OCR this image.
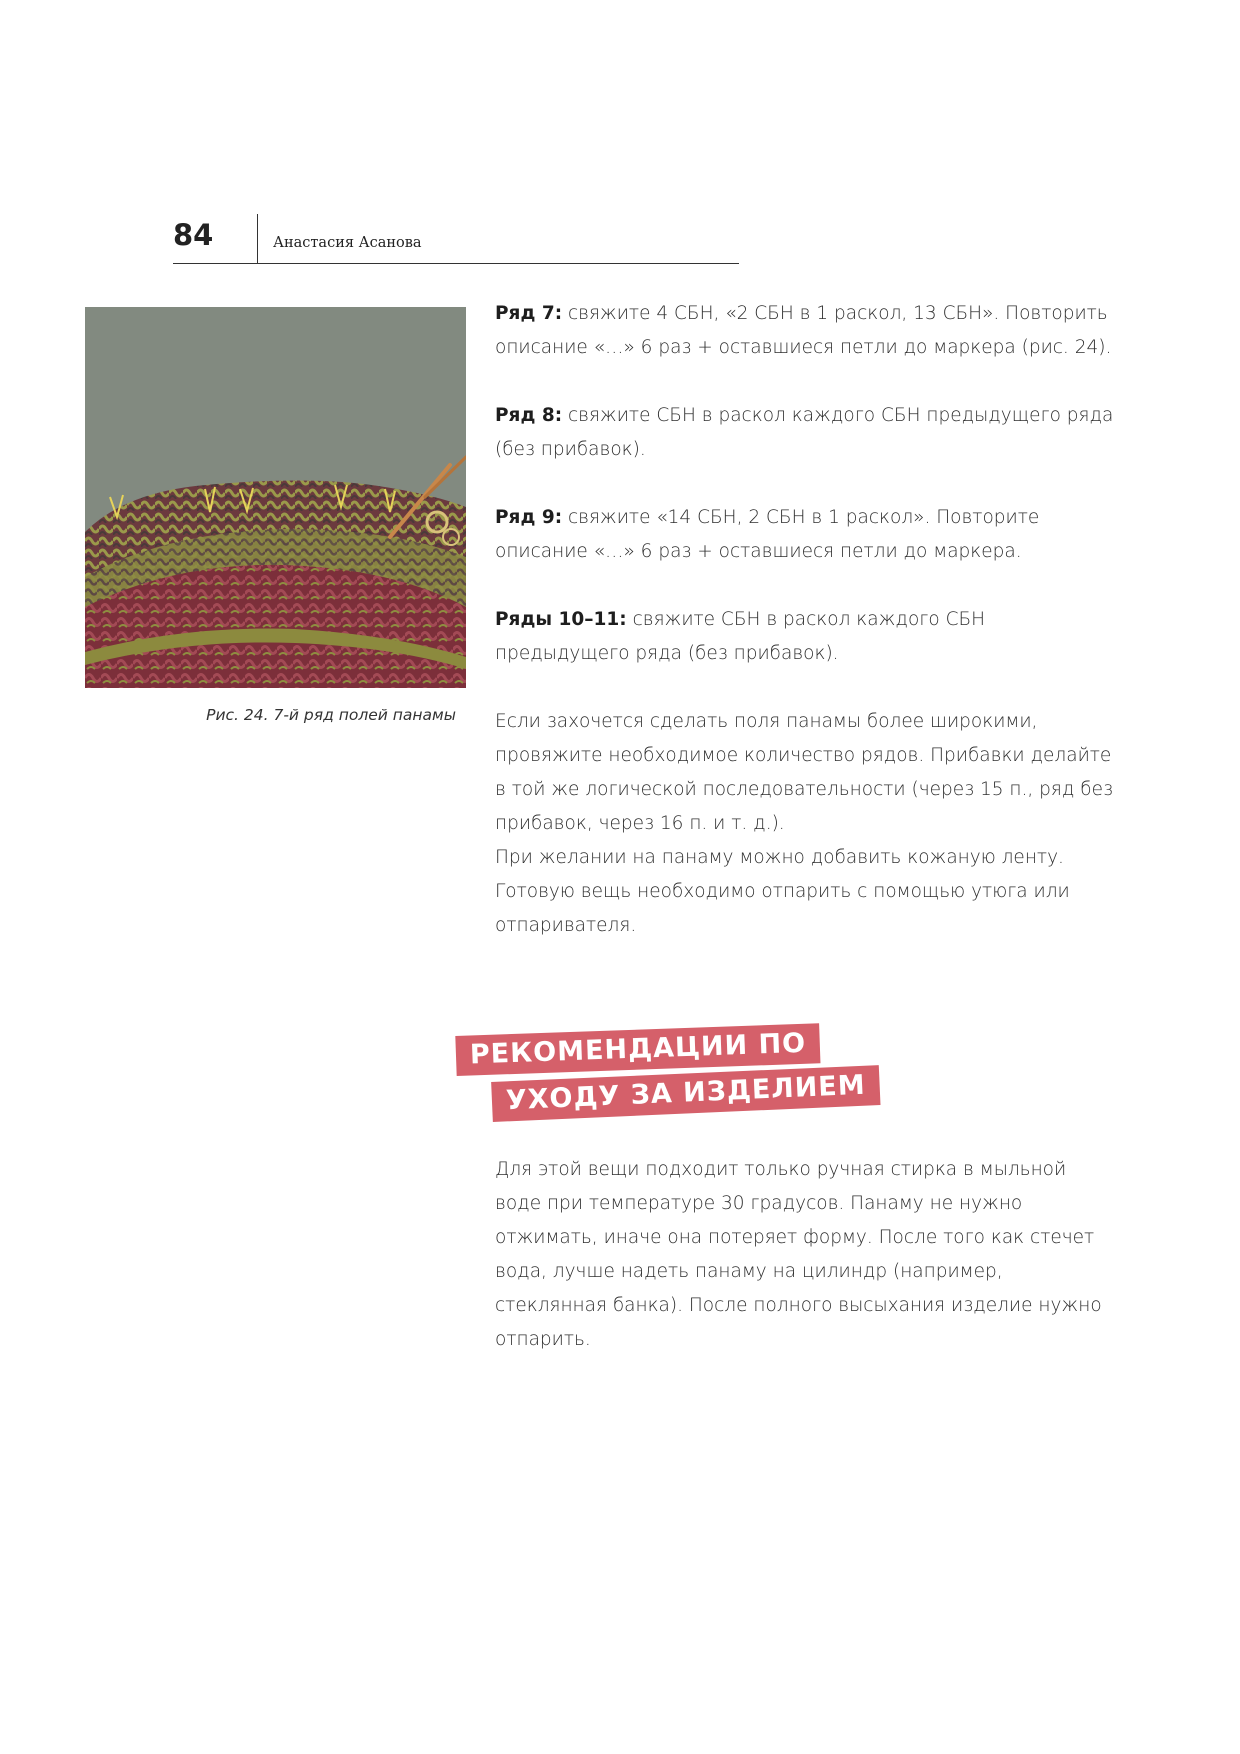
84	Анастасия Асанова
Рис. 24. 7-й ряд полей панамы

Ряд 7: свяжите 4 СБН, «2 СБН в 1 раскол, 13 СБН». Повторить описание «…» 6 раз + оставшиеся петли до маркера (рис. 24).

Ряд 8: свяжите СБН в раскол каждого СБН предыдущего ряда (без прибавок).

Ряд 9: свяжите «14 СБН, 2 СБН в 1 раскол». Повторите описание «…» 6 раз + оставшиеся петли до маркера.

Ряды 10–11: свяжите СБН в раскол каждого СБН предыдущего ряда (без прибавок).

Если захочется сделать поля панамы более широкими, провяжите необходимое количество рядов. Прибавки делайте в той же логической последовательности (через 15 п., ряд без прибавок, через 16 п. и т. д.).

При желании на панаму можно добавить кожаную ленту. Готовую вещь необходимо отпарить с помощью утюга или отпаривателя.

РЕКОМЕНДАЦИИ ПО
УХОДУ ЗА ИЗДЕЛИЕМ

Для этой вещи подходит только ручная стирка в мыльной воде при температуре 30 градусов. Панаму не нужно отжимать, иначе она потеряет форму. После того как стечет вода, лучше надеть панаму на цилиндр (например, стеклянная банка). После полного высыхания изделие нужно отпарить.
